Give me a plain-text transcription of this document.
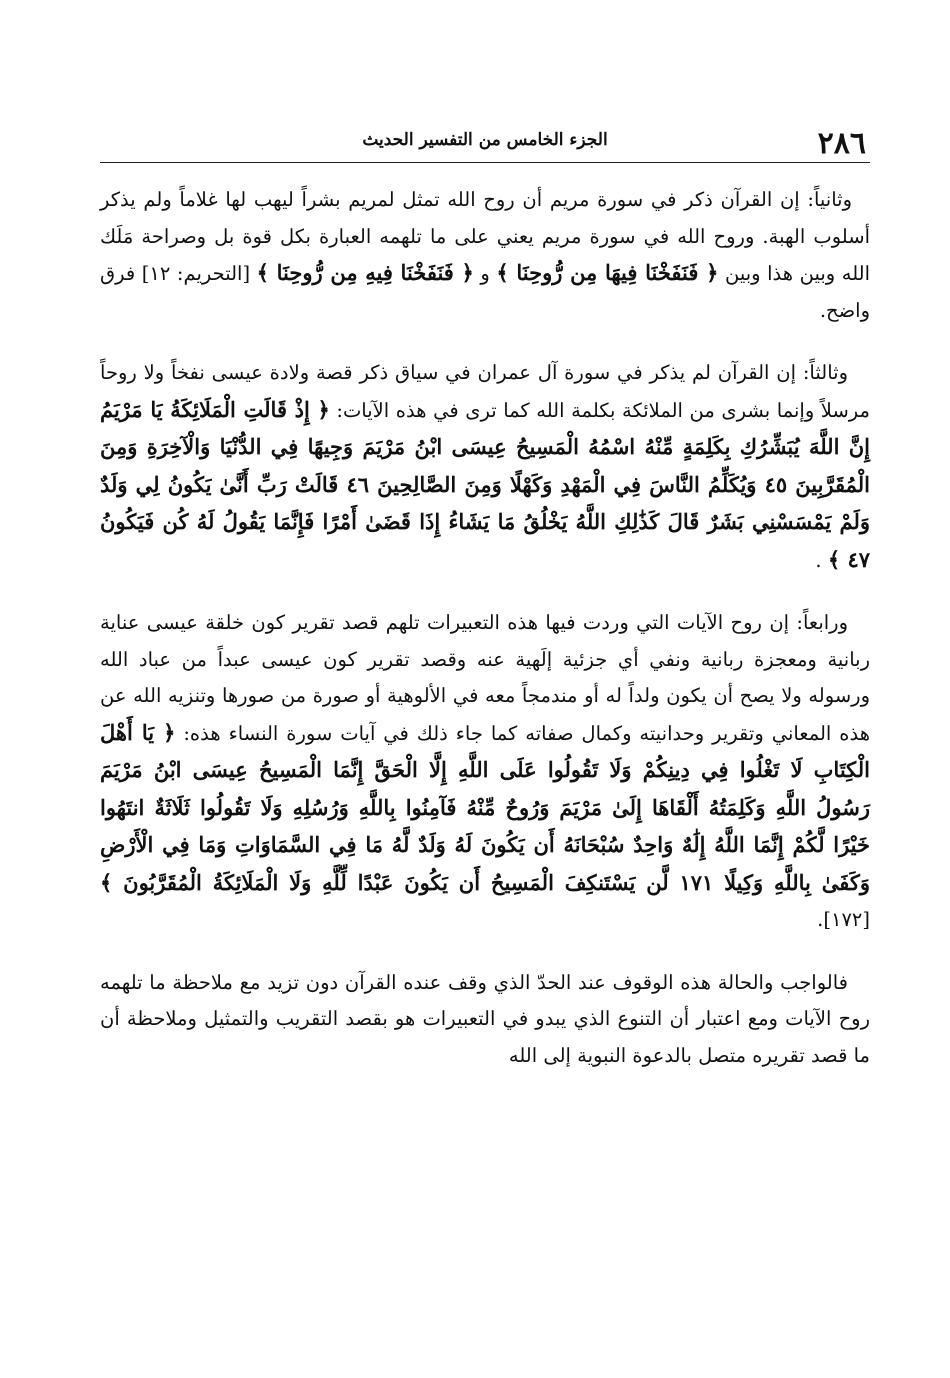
٢٨٦
الجزء الخامس من التفسير الحديث

وثانياً: إن القرآن ذكر في سورة مريم أن روح الله تمثل لمريم بشراً ليهب لها غلاماً ولم يذكر أسلوب الهبة. وروح الله في سورة مريم يعني على ما تلهمه العبارة بكل قوة بل وصراحة مَلَك الله وبين هذا وبين ﴿ فَنَفَخْنَا فِيهَا مِن رُّوحِنَا ﴾ و ﴿ فَنَفَخْنَا فِيهِ مِن رُّوحِنَا ﴾ [التحريم: ١٢] فرق واضح.

وثالثاً: إن القرآن لم يذكر في سورة آل عمران في سياق ذكر قصة ولادة عيسى نفخاً ولا روحاً مرسلاً وإنما بشرى من الملائكة بكلمة الله كما ترى في هذه الآيات: ﴿ إِذْ قَالَتِ الْمَلَائِكَةُ يَا مَرْيَمُ إِنَّ اللَّهَ يُبَشِّرُكِ بِكَلِمَةٍ مِّنْهُ اسْمُهُ الْمَسِيحُ عِيسَى ابْنُ مَرْيَمَ وَجِيهًا فِي الدُّنْيَا وَالْآخِرَةِ وَمِنَ الْمُقَرَّبِينَ ٤٥ وَيُكَلِّمُ النَّاسَ فِي الْمَهْدِ وَكَهْلًا وَمِنَ الصَّالِحِينَ ٤٦ قَالَتْ رَبِّ أَنَّىٰ يَكُونُ لِي وَلَدٌ وَلَمْ يَمْسَسْنِي بَشَرٌ قَالَ كَذَٰلِكِ اللَّهُ يَخْلُقُ مَا يَشَاءُ إِذَا قَضَىٰ أَمْرًا فَإِنَّمَا يَقُولُ لَهُ كُن فَيَكُونُ ٤٧ ﴾ .

ورابعاً: إن روح الآيات التي وردت فيها هذه التعبيرات تلهم قصد تقرير كون خلقة عيسى عناية ربانية ومعجزة ربانية ونفي أي جزئية إلَهية عنه وقصد تقرير كون عيسى عبداً من عباد الله ورسوله ولا يصح أن يكون ولداً له أو مندمجاً معه في الألوهية أو صورة من صورها وتنزيه الله عن هذه المعاني وتقرير وحدانيته وكمال صفاته كما جاء ذلك في آيات سورة النساء هذه: ﴿ يَا أَهْلَ الْكِتَابِ لَا تَغْلُوا فِي دِينِكُمْ وَلَا تَقُولُوا عَلَى اللَّهِ إِلَّا الْحَقَّ إِنَّمَا الْمَسِيحُ عِيسَى ابْنُ مَرْيَمَ رَسُولُ اللَّهِ وَكَلِمَتُهُ أَلْقَاهَا إِلَىٰ مَرْيَمَ وَرُوحٌ مِّنْهُ فَآمِنُوا بِاللَّهِ وَرُسُلِهِ وَلَا تَقُولُوا ثَلَاثَةٌ انتَهُوا خَيْرًا لَّكُمْ إِنَّمَا اللَّهُ إِلَٰهٌ وَاحِدٌ سُبْحَانَهُ أَن يَكُونَ لَهُ وَلَدٌ لَّهُ مَا فِي السَّمَاوَاتِ وَمَا فِي الْأَرْضِ وَكَفَىٰ بِاللَّهِ وَكِيلًا ١٧١ لَّن يَسْتَنكِفَ الْمَسِيحُ أَن يَكُونَ عَبْدًا لِّلَّهِ وَلَا الْمَلَائِكَةُ الْمُقَرَّبُونَ ﴾ [١٧٢].

فالواجب والحالة هذه الوقوف عند الحدّ الذي وقف عنده القرآن دون تزيد مع ملاحظة ما تلهمه روح الآيات ومع اعتبار أن التنوع الذي يبدو في التعبيرات هو بقصد التقريب والتمثيل وملاحظة أن ما قصد تقريره متصل بالدعوة النبوية إلى الله
